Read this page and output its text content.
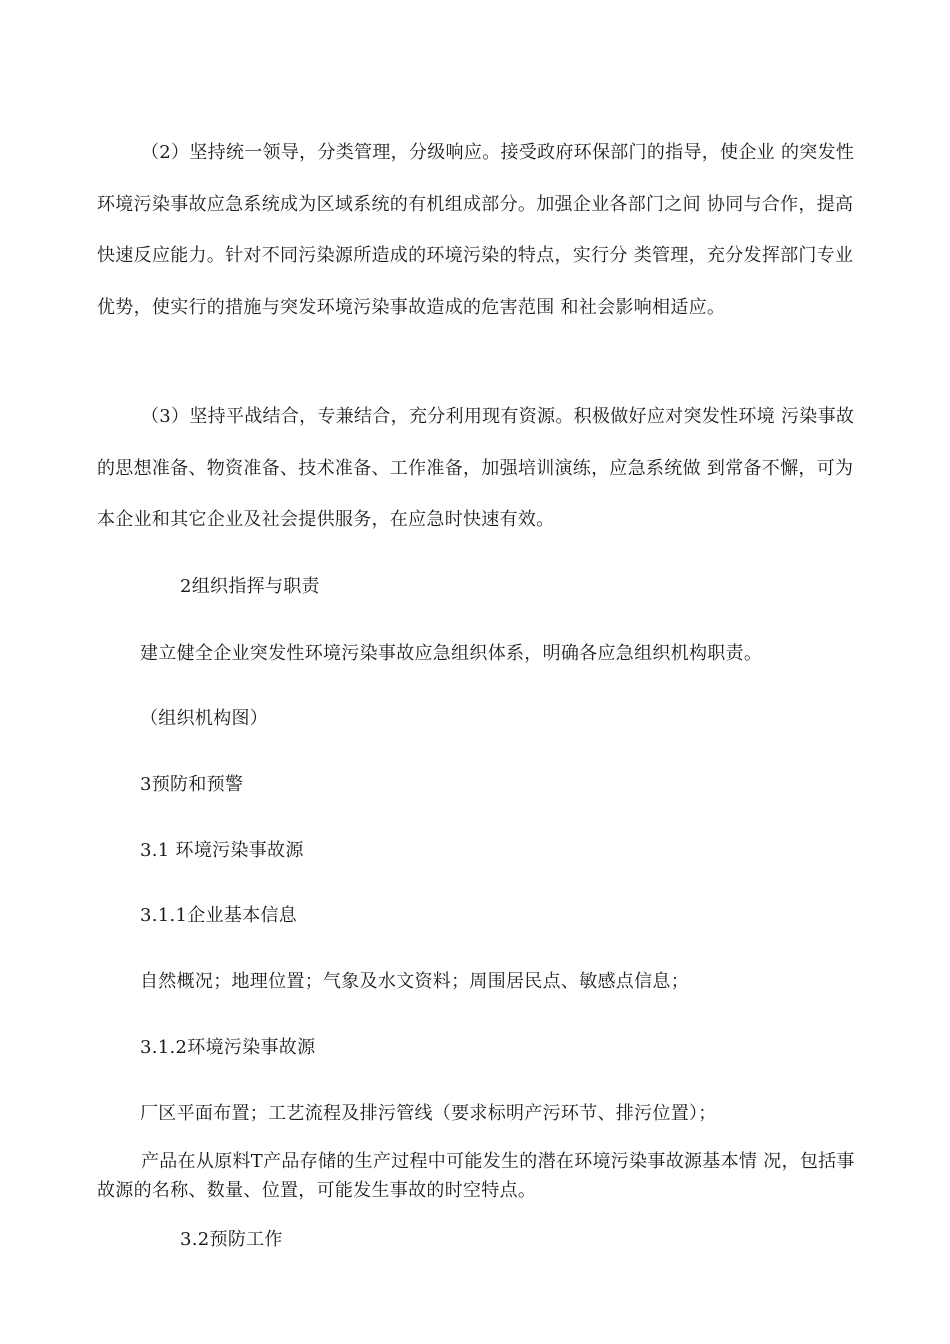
（2）坚持统一领导，分类管理，分级响应。接受政府环保部门的指导，使企业 的突发性环境污染事故应急系统成为区域系统的有机组成部分。加强企业各部门之间 协同与合作，提高快速反应能力。针对不同污染源所造成的环境污染的特点，实行分 类管理，充分发挥部门专业优势，使实行的措施与突发环境污染事故造成的危害范围 和社会影响相适应。

（3）坚持平战结合，专兼结合，充分利用现有资源。积极做好应对突发性环境 污染事故的思想准备、物资准备、技术准备、工作准备，加强培训演练，应急系统做 到常备不懈，可为本企业和其它企业及社会提供服务，在应急时快速有效。

2组织指挥与职责

建立健全企业突发性环境污染事故应急组织体系，明确各应急组织机构职责。

（组织机构图）

3预防和预警

3.1 环境污染事故源

3.1.1企业基本信息

自然概况；地理位置；气象及水文资料；周围居民点、敏感点信息；

3.1.2环境污染事故源

厂区平面布置；工艺流程及排污管线（要求标明产污环节、排污位置）；

产品在从原料T产品存储的生产过程中可能发生的潜在环境污染事故源基本情 况，包括事故源的名称、数量、位置，可能发生事故的时空特点。

3.2预防工作
